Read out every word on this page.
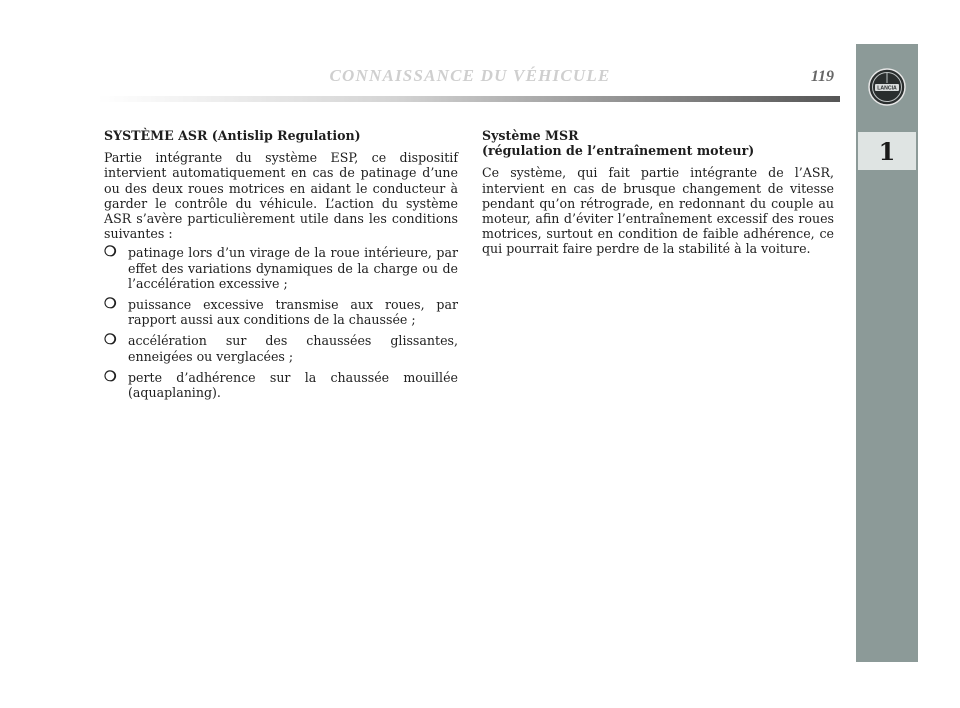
CONNAISSANCE DU VÉHICULE	119
LANCIA
1
SYSTÈME ASR (Antislip Regulation)

Partie intégrante du système ESP, ce dispositif intervient automatiquement en cas de patinage d’une ou des deux roues motrices en aidant le conducteur à garder le contrôle du véhicule. L’action du système ASR s’avère particulièrement utile dans les conditions suivantes :

❍ patinage lors d’un virage de la roue intérieure, par effet des variations dynamiques de la charge ou de l’accélération excessive ;
❍ puissance excessive transmise aux roues, par rapport aussi aux conditions de la chaussée ;
❍ accélération sur des chaussées glissantes, enneigées ou verglacées ;
❍ perte d’adhérence sur la chaussée mouillée (aquaplaning).
Système MSR
(régulation de l’entraînement moteur)

Ce système, qui fait partie intégrante de l’ASR, intervient en cas de brusque changement de vitesse pendant qu’on rétrograde, en redonnant du couple au moteur, afin d’éviter l’entraînement excessif des roues motrices, surtout en condition de faible adhérence, ce qui pourrait faire perdre de la stabilité à la voiture.
